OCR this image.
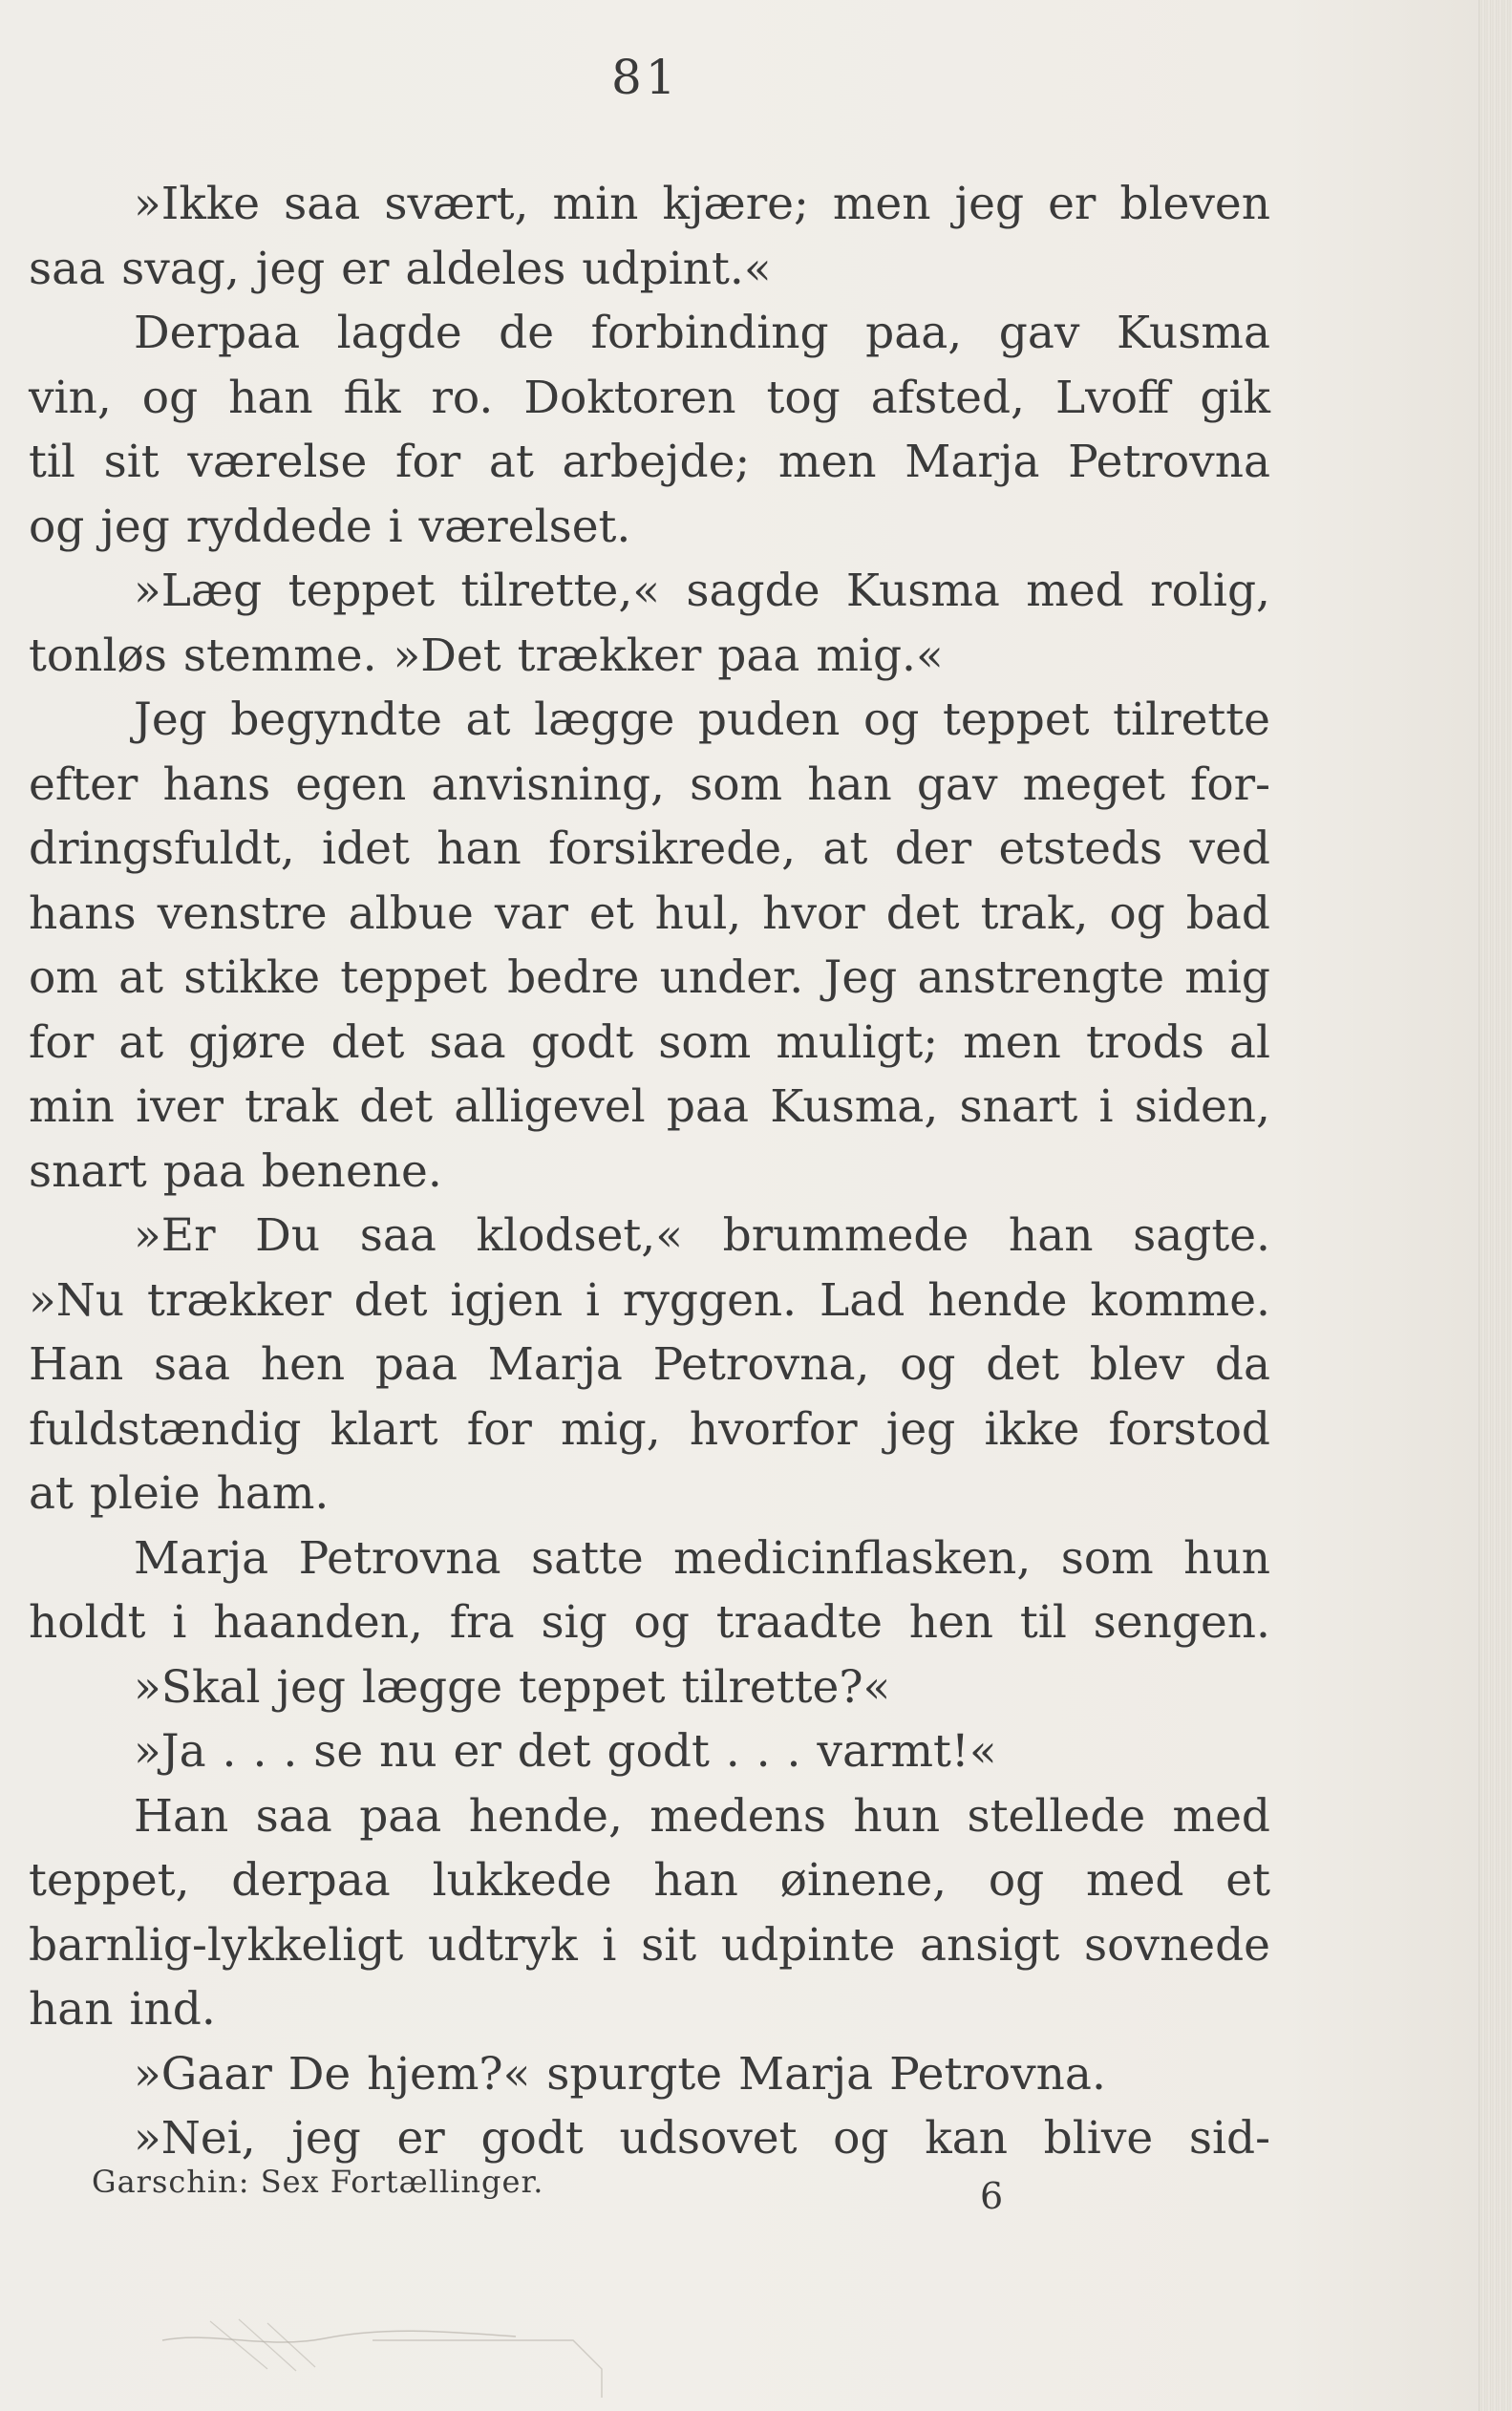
81
»Ikke saa svært, min kjære; men jeg er bleven
saa svag, jeg er aldeles udpint.«
Derpaa lagde de forbinding paa, gav Kusma
vin, og han fik ro. Doktoren tog afsted, Lvoff gik
til sit værelse for at arbejde; men Marja Petrovna
og jeg ryddede i værelset.
»Læg teppet tilrette,« sagde Kusma med rolig,
tonløs stemme. »Det trækker paa mig.«
Jeg begyndte at lægge puden og teppet tilrette
efter hans egen anvisning, som han gav meget for-
dringsfuldt, idet han forsikrede, at der etsteds ved
hans venstre albue var et hul, hvor det trak, og bad
om at stikke teppet bedre under. Jeg anstrengte mig
for at gjøre det saa godt som muligt; men trods al
min iver trak det alligevel paa Kusma, snart i siden,
snart paa benene.
»Er Du saa klodset,« brummede han sagte.
»Nu trækker det igjen i ryggen. Lad hende komme.
Han saa hen paa Marja Petrovna, og det blev da
fuldstændig klart for mig, hvorfor jeg ikke forstod
at pleie ham.
Marja Petrovna satte medicinflasken, som hun
holdt i haanden, fra sig og traadte hen til sengen.
»Skal jeg lægge teppet tilrette?«
»Ja . . . se nu er det godt . . . varmt!«
Han saa paa hende, medens hun stellede med
teppet, derpaa lukkede han øinene, og med et
barnlig-lykkeligt udtryk i sit udpinte ansigt sovnede
han ind.
»Gaar De hjem?« spurgte Marja Petrovna.
»Nei, jeg er godt udsovet og kan blive sid-
Garschin: Sex Fortællinger.	6
